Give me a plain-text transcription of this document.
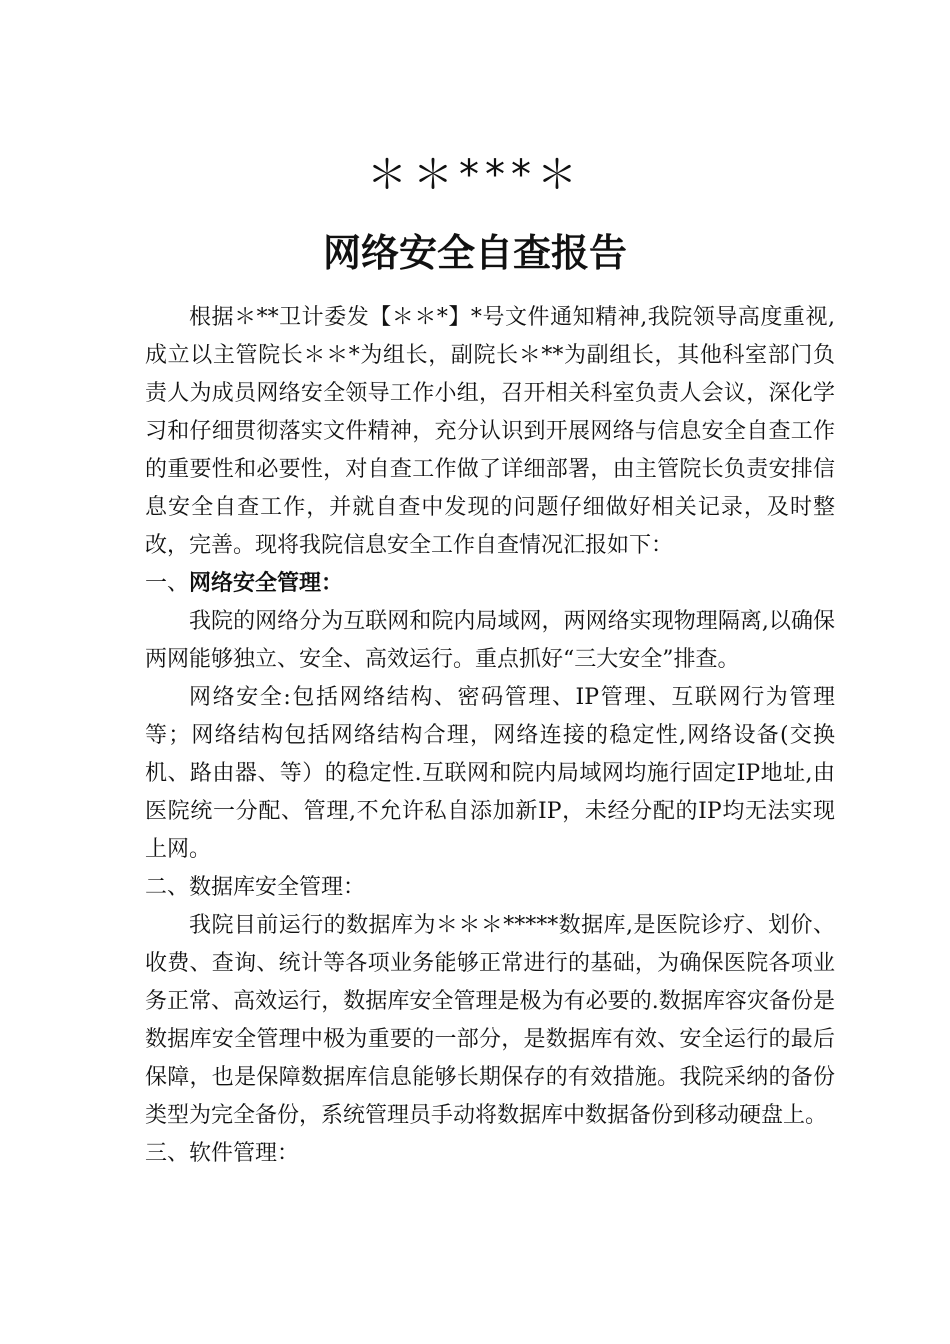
＊＊***＊
网络安全自查报告

根据＊**卫计委发【＊＊*】*号文件通知精神,我院领导高度重视,成立以主管院长＊＊*为组长，副院长＊**为副组长，其他科室部门负责人为成员网络安全领导工作小组，召开相关科室负责人会议，深化学习和仔细贯彻落实文件精神，充分认识到开展网络与信息安全自查工作的重要性和必要性，对自查工作做了详细部署，由主管院长负责安排信息安全自查工作，并就自查中发现的问题仔细做好相关记录，及时整改，完善。现将我院信息安全工作自查情况汇报如下：

一、网络安全管理：

我院的网络分为互联网和院内局域网，两网络实现物理隔离,以确保两网能够独立、安全、高效运行。重点抓好“三大安全”排查。

网络安全:包括网络结构、密码管理、IP管理、互联网行为管理等；网络结构包括网络结构合理，网络连接的稳定性,网络设备(交换机、路由器、等）的稳定性.互联网和院内局域网均施行固定IP地址,由医院统一分配、管理,不允许私自添加新IP，未经分配的IP均无法实现上网。

二、数据库安全管理：

我院目前运行的数据库为＊＊＊*****数据库,是医院诊疗、划价、收费、查询、统计等各项业务能够正常进行的基础，为确保医院各项业务正常、高效运行，数据库安全管理是极为有必要的.数据库容灾备份是数据库安全管理中极为重要的一部分，是数据库有效、安全运行的最后保障，也是保障数据库信息能够长期保存的有效措施。我院采纳的备份类型为完全备份，系统管理员手动将数据库中数据备份到移动硬盘上。

三、软件管理：
